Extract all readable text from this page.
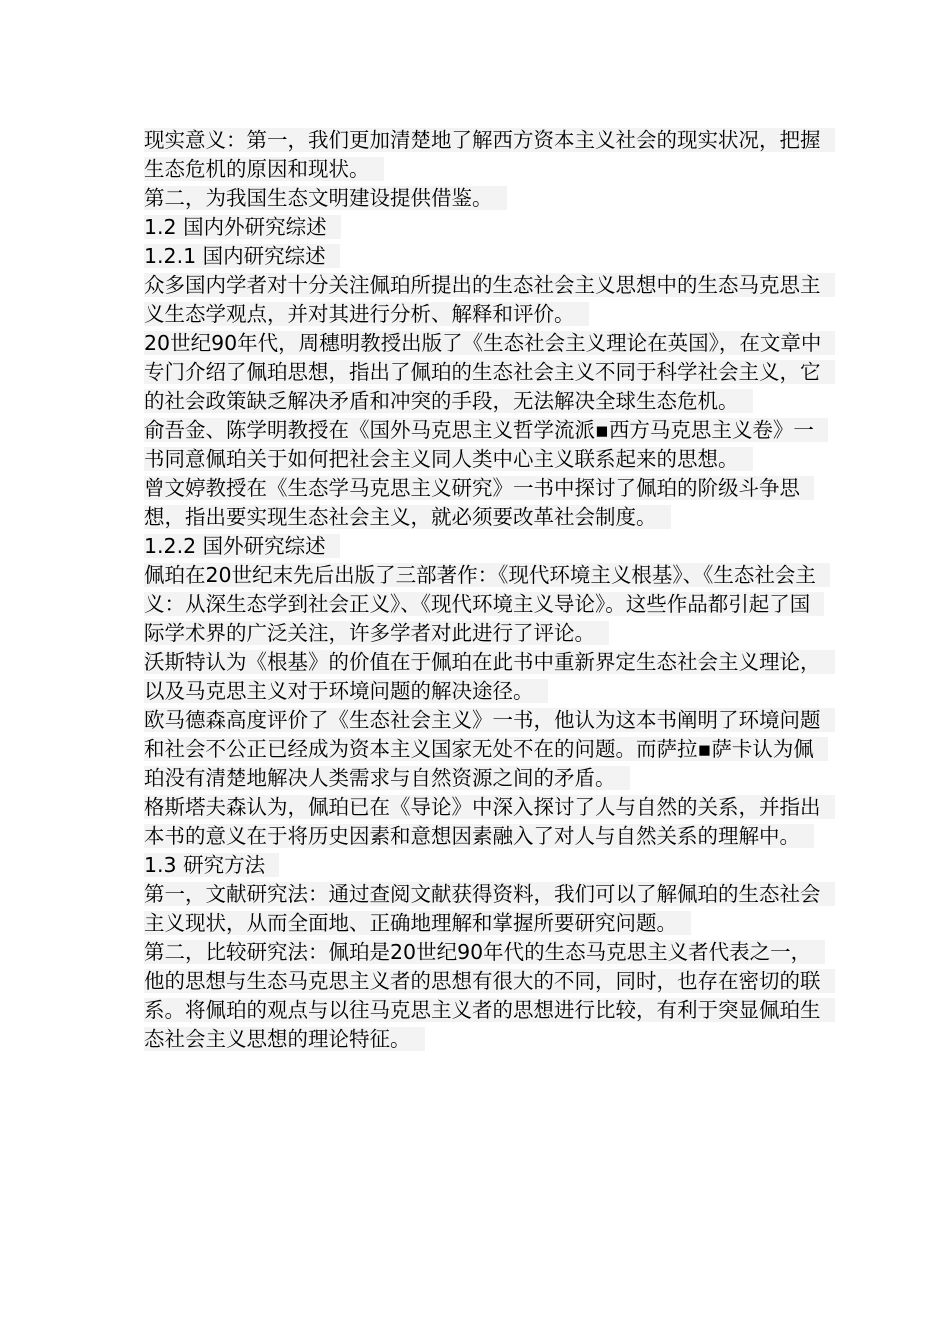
现实意义：第一，我们更加清楚地了解西方资本主义社会的现实状况，把握生态危机的原因和现状。

第二，为我国生态文明建设提供借鉴。

1.2 国内外研究综述

1.2.1 国内研究综述

众多国内学者对十分关注佩珀所提出的生态社会主义思想中的生态马克思主义生态学观点，并对其进行分析、解释和评价。

20世纪90年代，周穗明教授出版了《生态社会主义理论在英国》，在文章中专门介绍了佩珀思想，指出了佩珀的生态社会主义不同于科学社会主义，它的社会政策缺乏解决矛盾和冲突的手段，无法解决全球生态危机。

俞吾金、陈学明教授在《国外马克思主义哲学流派▪西方马克思主义卷》一书同意佩珀关于如何把社会主义同人类中心主义联系起来的思想。

曾文婷教授在《生态学马克思主义研究》一书中探讨了佩珀的阶级斗争思想，指出要实现生态社会主义，就必须要改革社会制度。

1.2.2 国外研究综述

佩珀在20世纪末先后出版了三部著作：《现代环境主义根基》、《生态社会主义：从深生态学到社会正义》、《现代环境主义导论》。这些作品都引起了国际学术界的广泛关注，许多学者对此进行了评论。

沃斯特认为《根基》的价值在于佩珀在此书中重新界定生态社会主义理论，以及马克思主义对于环境问题的解决途径。

欧马德森高度评价了《生态社会主义》一书，他认为这本书阐明了环境问题和社会不公正已经成为资本主义国家无处不在的问题。而萨拉▪萨卡认为佩珀没有清楚地解决人类需求与自然资源之间的矛盾。

格斯塔夫森认为，佩珀已在《导论》中深入探讨了人与自然的关系，并指出本书的意义在于将历史因素和意想因素融入了对人与自然关系的理解中。

1.3 研究方法

第一，文献研究法：通过查阅文献获得资料，我们可以了解佩珀的生态社会主义现状，从而全面地、正确地理解和掌握所要研究问题。

第二，比较研究法：佩珀是20世纪90年代的生态马克思主义者代表之一，他的思想与生态马克思主义者的思想有很大的不同，同时，也存在密切的联系。将佩珀的观点与以往马克思主义者的思想进行比较，有利于突显佩珀生态社会主义思想的理论特征。
